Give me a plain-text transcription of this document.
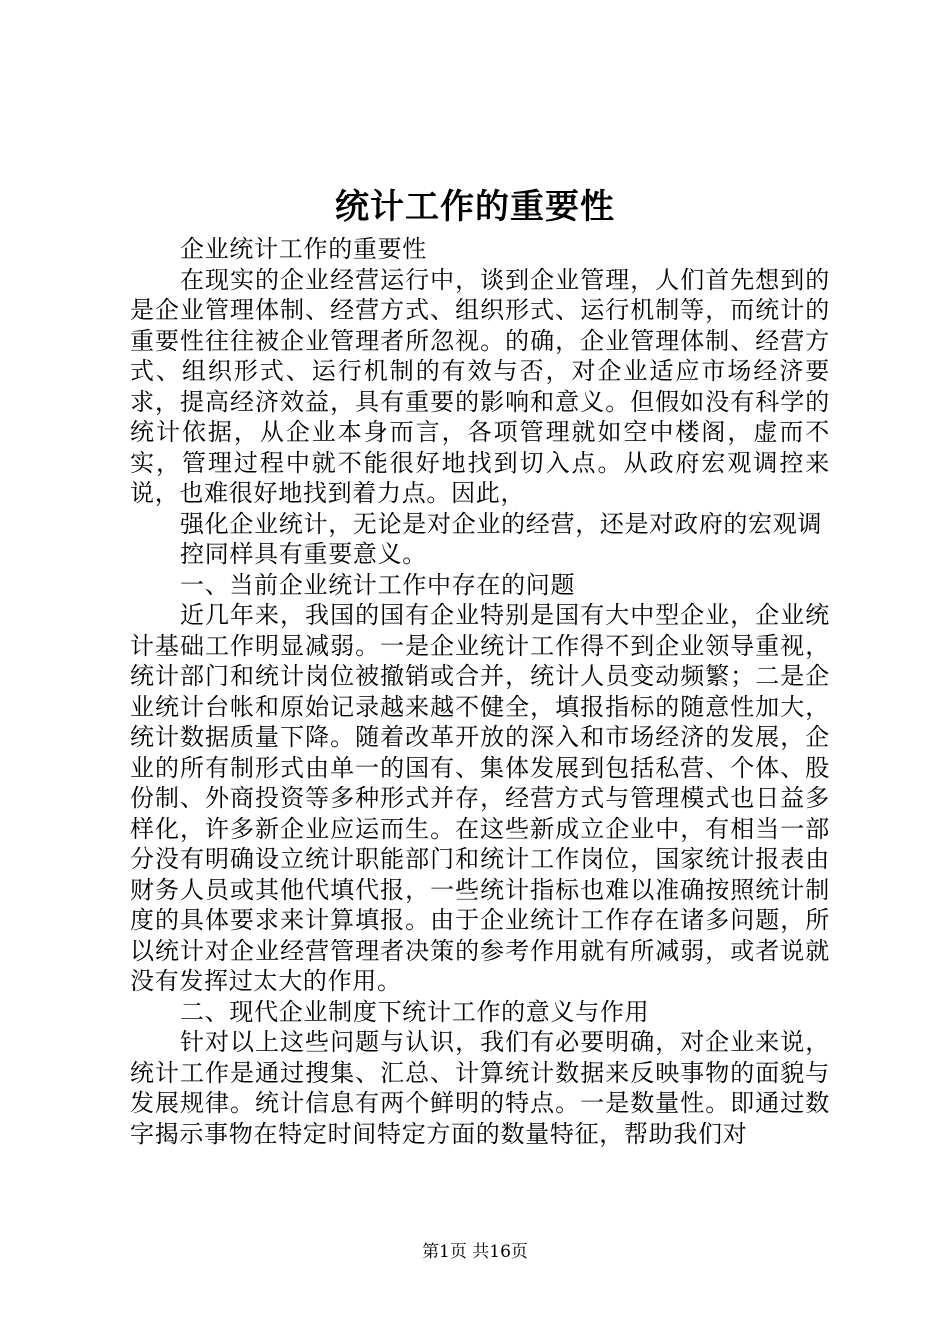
统计工作的重要性

企业统计工作的重要性

在现实的企业经营运行中，谈到企业管理，人们首先想到的是企业管理体制、经营方式、组织形式、运行机制等，而统计的重要性往往被企业管理者所忽视。的确，企业管理体制、经营方式、组织形式、运行机制的有效与否，对企业适应市场经济要求，提高经济效益，具有重要的影响和意义。但假如没有科学的统计依据，从企业本身而言，各项管理就如空中楼阁，虚而不实，管理过程中就不能很好地找到切入点。从政府宏观调控来说，也难很好地找到着力点。因此，

强化企业统计，无论是对企业的经营，还是对政府的宏观调

控同样具有重要意义。

一、当前企业统计工作中存在的问题

近几年来，我国的国有企业特别是国有大中型企业，企业统计基础工作明显减弱。一是企业统计工作得不到企业领导重视，统计部门和统计岗位被撤销或合并，统计人员变动频繁；二是企业统计台帐和原始记录越来越不健全，填报指标的随意性加大，统计数据质量下降。随着改革开放的深入和市场经济的发展，企业的所有制形式由单一的国有、集体发展到包括私营、个体、股份制、外商投资等多种形式并存，经营方式与管理模式也日益多样化，许多新企业应运而生。在这些新成立企业中，有相当一部分没有明确设立统计职能部门和统计工作岗位，国家统计报表由财务人员或其他代填代报，一些统计指标也难以准确按照统计制度的具体要求来计算填报。由于企业统计工作存在诸多问题，所以统计对企业经营管理者决策的参考作用就有所减弱，或者说就没有发挥过太大的作用。

二、现代企业制度下统计工作的意义与作用

针对以上这些问题与认识，我们有必要明确，对企业来说，统计工作是通过搜集、汇总、计算统计数据来反映事物的面貌与发展规律。统计信息有两个鲜明的特点。一是数量性。即通过数字揭示事物在特定时间特定方面的数量特征，帮助我们对

第1页 共16页
